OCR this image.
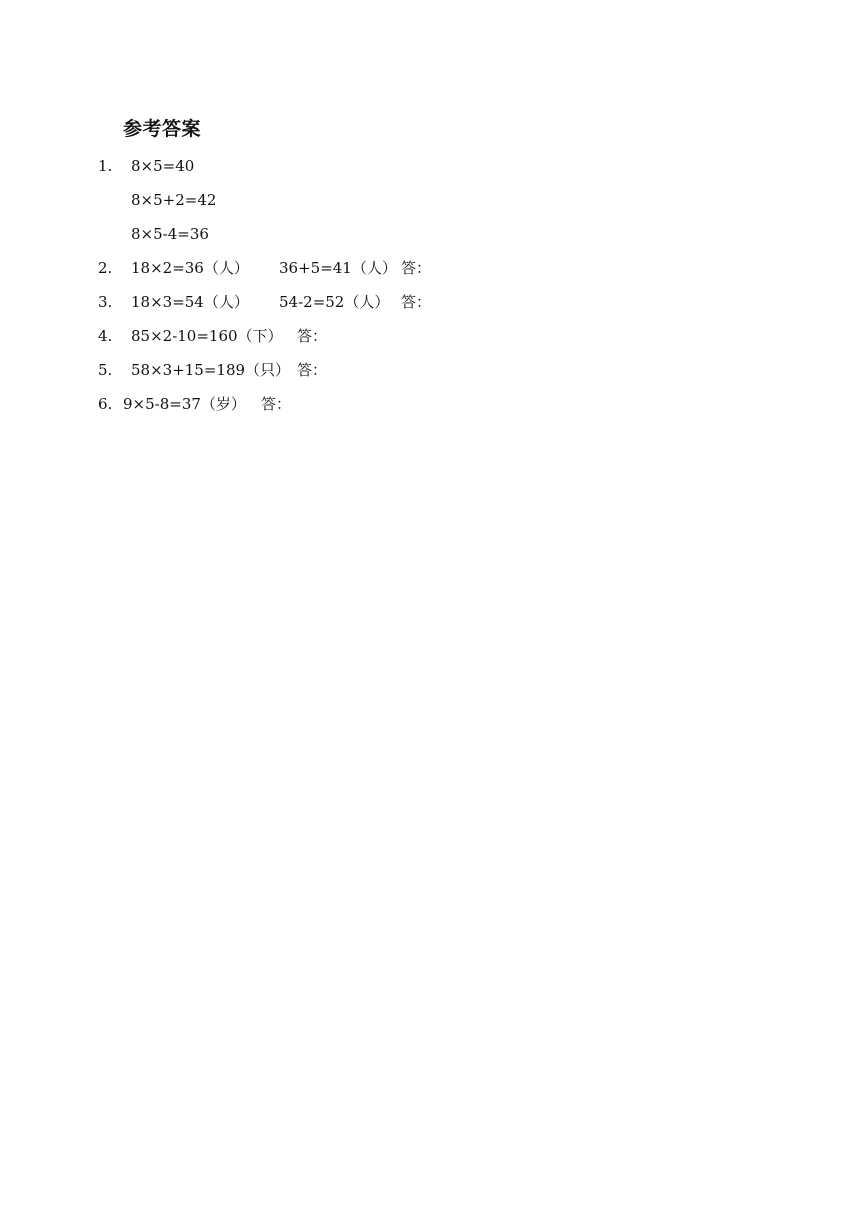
参考答案
1.	8×5=40
8×5+2=42
8×5-4=36
2.	18×2=36（人） 36+5=41（人） 答：
3.	18×3=54（人） 54-2=52（人） 答：
4.	85×2-10=160（下） 答：
5.	58×3+15=189（只） 答：
6. 9×5-8=37（岁） 答：
